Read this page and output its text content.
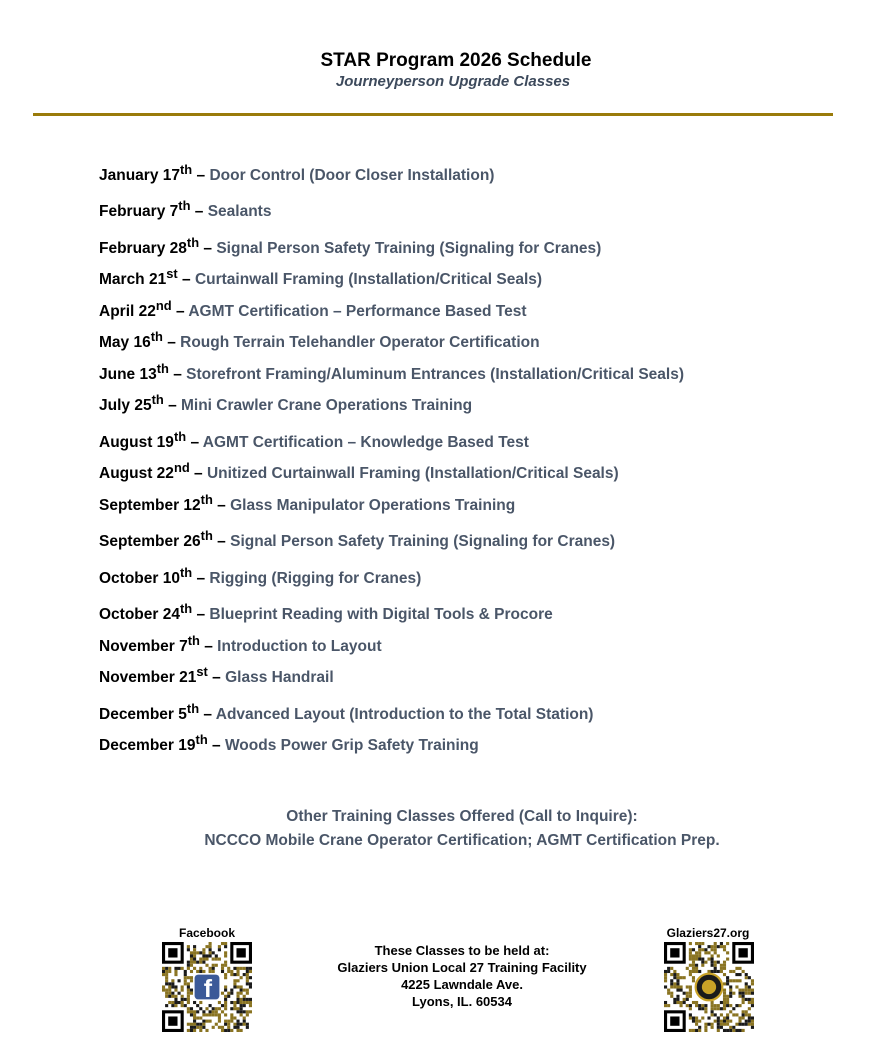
STAR Program 2026 Schedule
Journeyperson Upgrade Classes
January 17th – Door Control (Door Closer Installation)
February 7th – Sealants
February 28th – Signal Person Safety Training (Signaling for Cranes)
March 21st – Curtainwall Framing (Installation/Critical Seals)
April 22nd – AGMT Certification – Performance Based Test
May 16th – Rough Terrain Telehandler Operator Certification
June 13th – Storefront Framing/Aluminum Entrances (Installation/Critical Seals)
July 25th – Mini Crawler Crane Operations Training
August 19th – AGMT Certification – Knowledge Based Test
August 22nd – Unitized Curtainwall Framing (Installation/Critical Seals)
September 12th – Glass Manipulator Operations Training
September 26th – Signal Person Safety Training (Signaling for Cranes)
October 10th – Rigging (Rigging for Cranes)
October 24th – Blueprint Reading with Digital Tools & Procore
November 7th – Introduction to Layout
November 21st – Glass Handrail
December 5th – Advanced Layout (Introduction to the Total Station)
December 19th – Woods Power Grip Safety Training
Other Training Classes Offered (Call to Inquire):
NCCCO Mobile Crane Operator Certification; AGMT Certification Prep.
Facebook
f
These Classes to be held at:
Glaziers Union Local 27 Training Facility
4225 Lawndale Ave.
Lyons, IL. 60534
Glaziers27.org
